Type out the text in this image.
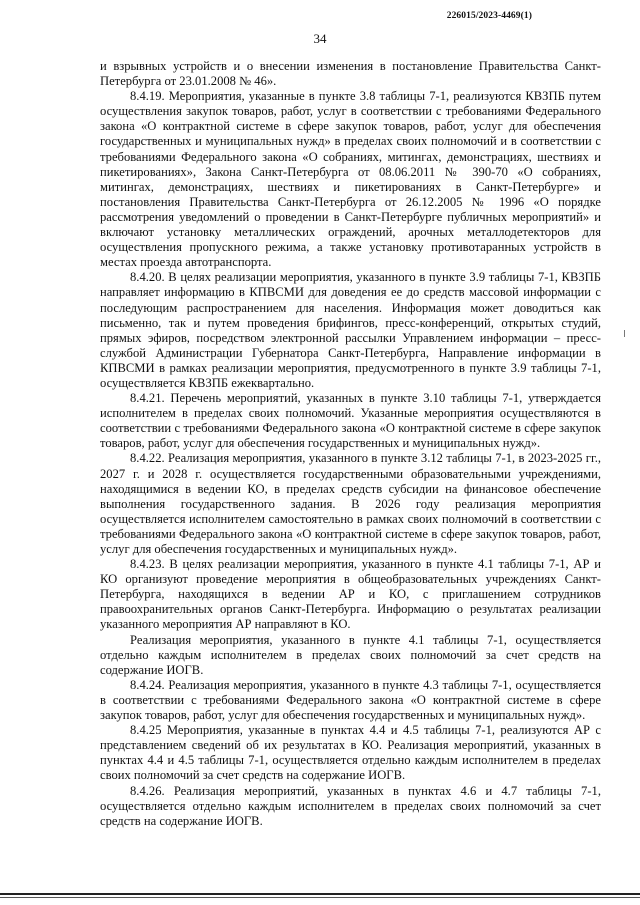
226015/2023-4469(1)
34

и взрывных устройств и о внесении изменения в постановление Правительства Санкт-Петербурга от 23.01.2008 № 46».

8.4.19. Мероприятия, указанные в пункте 3.8 таблицы 7-1, реализуются КВЗПБ путем осуществления закупок товаров, работ, услуг в соответствии с требованиями Федерального закона «О контрактной системе в сфере закупок товаров, работ, услуг для обеспечения государственных и муниципальных нужд» в пределах своих полномочий и в соответствии с требованиями Федерального закона «О собраниях, митингах, демонстрациях, шествиях и пикетированиях», Закона Санкт-Петербурга от 08.06.2011 № 390-70 «О собраниях, митингах, демонстрациях, шествиях и пикетированиях в Санкт-Петербурге» и постановления Правительства Санкт-Петербурга от 26.12.2005 № 1996 «О порядке рассмотрения уведомлений о проведении в Санкт-Петербурге публичных мероприятий» и включают установку металлических ограждений, арочных металлодетекторов для осуществления пропускного режима, а также установку противотаранных устройств в местах проезда автотранспорта.

8.4.20. В целях реализации мероприятия, указанного в пункте 3.9 таблицы 7-1, КВЗПБ направляет информацию в КПВСМИ для доведения ее до средств массовой информации с последующим распространением для населения. Информация может доводиться как письменно, так и путем проведения брифингов, пресс-конференций, открытых студий, прямых эфиров, посредством электронной рассылки Управлением информации – пресс-службой Администрации Губернатора Санкт-Петербурга, Направление информации в КПВСМИ в рамках реализации мероприятия, предусмотренного в пункте 3.9 таблицы 7-1, осуществляется КВЗПБ ежеквартально.

8.4.21. Перечень мероприятий, указанных в пункте 3.10 таблицы 7-1, утверждается исполнителем в пределах своих полномочий. Указанные мероприятия осуществляются в соответствии с требованиями Федерального закона «О контрактной системе в сфере закупок товаров, работ, услуг для обеспечения государственных и муниципальных нужд».

8.4.22. Реализация мероприятия, указанного в пункте 3.12 таблицы 7-1, в 2023-2025 гг., 2027 г. и 2028 г. осуществляется государственными образовательными учреждениями, находящимися в ведении КО, в пределах средств субсидии на финансовое обеспечение выполнения государственного задания. В 2026 году реализация мероприятия осуществляется исполнителем самостоятельно в рамках своих полномочий в соответствии с требованиями Федерального закона «О контрактной системе в сфере закупок товаров, работ, услуг для обеспечения государственных и муниципальных нужд».

8.4.23. В целях реализации мероприятия, указанного в пункте 4.1 таблицы 7-1, АР и КО организуют проведение мероприятия в общеобразовательных учреждениях Санкт-Петербурга, находящихся в ведении АР и КО, с приглашением сотрудников правоохранительных органов Санкт-Петербурга. Информацию о результатах реализации указанного мероприятия АР направляют в КО.

Реализация мероприятия, указанного в пункте 4.1 таблицы 7-1, осуществляется отдельно каждым исполнителем в пределах своих полномочий за счет средств на содержание ИОГВ.

8.4.24. Реализация мероприятия, указанного в пункте 4.3 таблицы 7-1, осуществляется в соответствии с требованиями Федерального закона «О контрактной системе в сфере закупок товаров, работ, услуг для обеспечения государственных и муниципальных нужд».

8.4.25 Мероприятия, указанные в пунктах 4.4 и 4.5 таблицы 7-1, реализуются АР с представлением сведений об их результатах в КО. Реализация мероприятий, указанных в пунктах 4.4 и 4.5 таблицы 7-1, осуществляется отдельно каждым исполнителем в пределах своих полномочий за счет средств на содержание ИОГВ.

8.4.26. Реализация мероприятий, указанных в пунктах 4.6 и 4.7 таблицы 7-1, осуществляется отдельно каждым исполнителем в пределах своих полномочий за счет средств на содержание ИОГВ.
